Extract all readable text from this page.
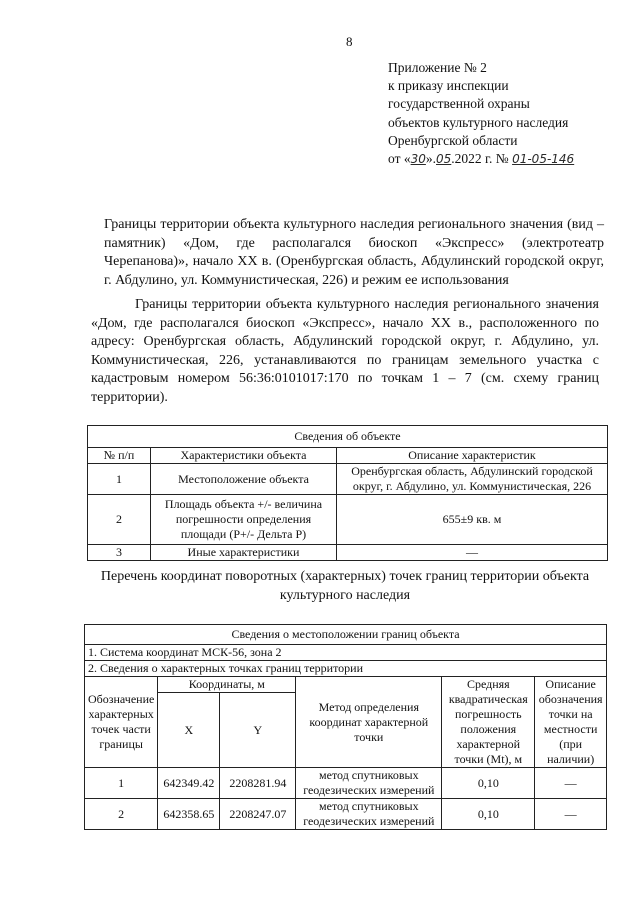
8
Приложение № 2
к приказу инспекции
государственной охраны
объектов культурного наследия
Оренбургской области
от «30».05.2022 г. № 01-05-146
Границы территории объекта культурного наследия регионального значения (вид – памятник) «Дом, где располагался биоскоп «Экспресс» (электротеатр Черепанова)», начало XX в. (Оренбургская область, Абдулинский городской округ, г. Абдулино, ул. Коммунистическая, 226) и режим ее использования
Границы территории объекта культурного наследия регионального значения «Дом, где располагался биоскоп «Экспресс», начало XX в., расположенного по адресу: Оренбургская область, Абдулинский городской округ, г. Абдулино, ул. Коммунистическая, 226, устанавливаются по границам земельного участка с кадастровым номером 56:36:0101017:170 по точкам 1 – 7 (см. схему границ территории).
Сведения об объекте		
№ п/п	Характеристики объекта	Описание характеристик
1	Местоположение объекта	Оренбургская область, Абдулинский городской округ, г. Абдулино, ул. Коммунистическая, 226
2	Площадь объекта +/- величина погрешности определения площади (Р+/- Дельта Р)	655±9 кв. м
3	Иные характеристики	—
Перечень координат поворотных (характерных) точек границ территории объекта культурного наследия
Сведения о местоположении границ объекта					
1. Система координат МСК-56, зона 2					
2. Сведения о характерных точках границ территории					
Обозначение характерных точек части границы	Координаты, м		Метод определения координат характерной точки	Средняя квадратическая погрешность положения характерной точки (Mt), м	Описание обозначения точки на местности (при наличии)
	X	Y			
1	642349.42	2208281.94	метод спутниковых геодезических измерений	0,10	—
2	642358.65	2208247.07	метод спутниковых геодезических измерений	0,10	—
